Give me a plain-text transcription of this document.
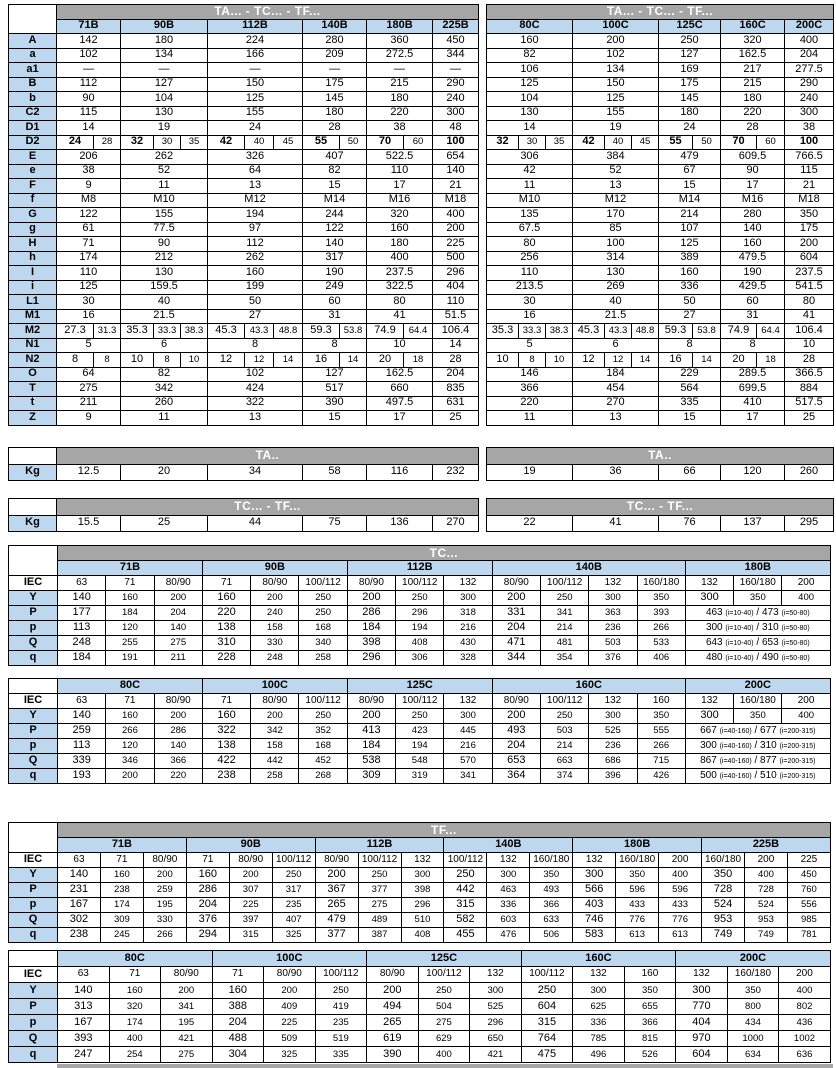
	TA... - TC... - TF...												
	71B		90B			112B			140B		180B		225B
A	142		180			224			280		360		450
a	102		134			166			209		272.5		344
a1	—		—			—			—		—		—
B	112		127			150			175		215		290
b	90		104			125			145		180		240
C2	115		130			155			180		220		300
D1	14		19			24			28		38		48
D2	24	28	32	30	35	42	40	45	55	50	70	60	100
E	206		262			326			407		522.5		654
e	38		52			64			82		110		140
F	9		11			13			15		17		21
f	M8		M10			M12			M14		M16		M18
G	122		155			194			244		320		400
g	61		77.5			97			122		160		200
H	71		90			112			140		180		225
h	174		212			262			317		400		500
I	110		130			160			190		237.5		296
i	125		159.5			199			249		322.5		404
L1	30		40			50			60		80		110
M1	16		21.5			27			31		41		51.5
M2	27.3	31.3	35.3	33.3	38.3	45.3	43.3	48.8	59.3	53.8	74.9	64.4	106.4
N1	5		6			8			8		10		14
N2	8	8	10	8	10	12	12	14	16	14	20	18	28
O	64		82			102			127		162.5		204
T	275		342			424			517		660		835
t	211		260			322			390		497.5		631
Z	9		11			13			15		17		25
TA... - TC... - TF...										
80C			100C			125C		160C		200C
160			200			250		320		400
82			102			127		162.5		204
106			134			169		217		277.5
125			150			175		215		290
104			125			145		180		240
130			155			180		220		300
14			19			24		28		38
32	30	35	42	40	45	55	50	70	60	100
306			384			479		609.5		766.5
42			52			67		90		115
11			13			15		17		21
M10			M12			M14		M16		M18
135			170			214		280		350
67.5			85			107		140		175
80			100			125		160		200
256			314			389		479.5		604
110			130			160		190		237.5
213.5			269			336		429.5		541.5
30			40			50		60		80
16			21.5			27		31		41
35.3	33.3	38.3	45.3	43.3	48.8	59.3	53.8	74.9	64.4	106.4
5			6			8		8		10
10	8	10	12	12	14	16	14	20	18	28
146			184			229		289.5		366.5
366			454			564		699.5		884
220			270			335		410		517.5
11			13			15		17		25
	TA..					
Kg	12.5	20	34	58	116	232
TA..
19	36	66	120	260
	TC... - TF...					
Kg	15.5	25	44	75	136	270
TC... - TF...
22	41	76	137	295
	TC...															
	71B			90B			112B			140B				180B		
IEC	63	71	80/90	71	80/90	100/112	80/90	100/112	132	80/90	100/112	132	160/180	132	160/180	200
Y	140	160	200	160	200	250	200	250	300	200	250	300	350	300	350	400
P	177	184	204	220	240	250	286	296	318	331	341	363	393	463 (i=10-40) / 473 (i=50-80)		
p	113	120	140	138	158	168	184	194	216	204	214	236	266	300 (i=10-40) / 310 (i=50-80)		
Q	248	255	275	310	330	340	398	408	430	471	481	503	533	643 (i=10-40) / 653 (i=50-80)		
q	184	191	211	228	248	258	296	306	328	344	354	376	406	480 (i=10-40) / 490 (i=50-80)		
	80C			100C			125C			160C				200C		
IEC	63	71	80/90	71	80/90	100/112	80/90	100/112	132	80/90	100/112	132	160	132	160/180	200
Y	140	160	200	160	200	250	200	250	300	200	250	300	350	300	350	400
P	259	266	286	322	342	352	413	423	445	493	503	525	555	667 (i=40-160) / 677 (i=200-315)		
p	113	120	140	138	158	168	184	194	216	204	214	236	266	300 (i=40-160) / 310 (i=200-315)		
Q	339	346	366	422	442	452	538	548	570	653	663	686	715	867 (i=40-160) / 877 (i=200-315)		
q	193	200	220	238	258	268	309	319	341	364	374	396	426	500 (i=40-160) / 510 (i=200-315)		
	TF...																	
	71B			90B			112B			140B			180B			225B		
IEC	63	71	80/90	71	80/90	100/112	80/90	100/112	132	100/112	132	160/180	132	160/180	200	160/180	200	225
Y	140	160	200	160	200	250	200	250	300	250	300	350	300	350	400	350	400	450
P	231	238	259	286	307	317	367	377	398	442	463	493	566	596	596	728	728	760
p	167	174	195	204	225	235	265	275	296	315	336	366	403	433	433	524	524	556
Q	302	309	330	376	397	407	479	489	510	582	603	633	746	776	776	953	953	985
q	238	245	266	294	315	325	377	387	408	455	476	506	583	613	613	749	749	781
	80C			100C			125C			160C			200C		
IEC	63	71	80/90	71	80/90	100/112	80/90	100/112	132	100/112	132	160	132	160/180	200
Y	140	160	200	160	200	250	200	250	300	250	300	350	300	350	400
P	313	320	341	388	409	419	494	504	525	604	625	655	770	800	802
p	167	174	195	204	225	235	265	275	296	315	336	366	404	434	436
Q	393	400	421	488	509	519	619	629	650	764	785	815	970	1000	1002
q	247	254	275	304	325	335	390	400	421	475	496	526	604	634	636
